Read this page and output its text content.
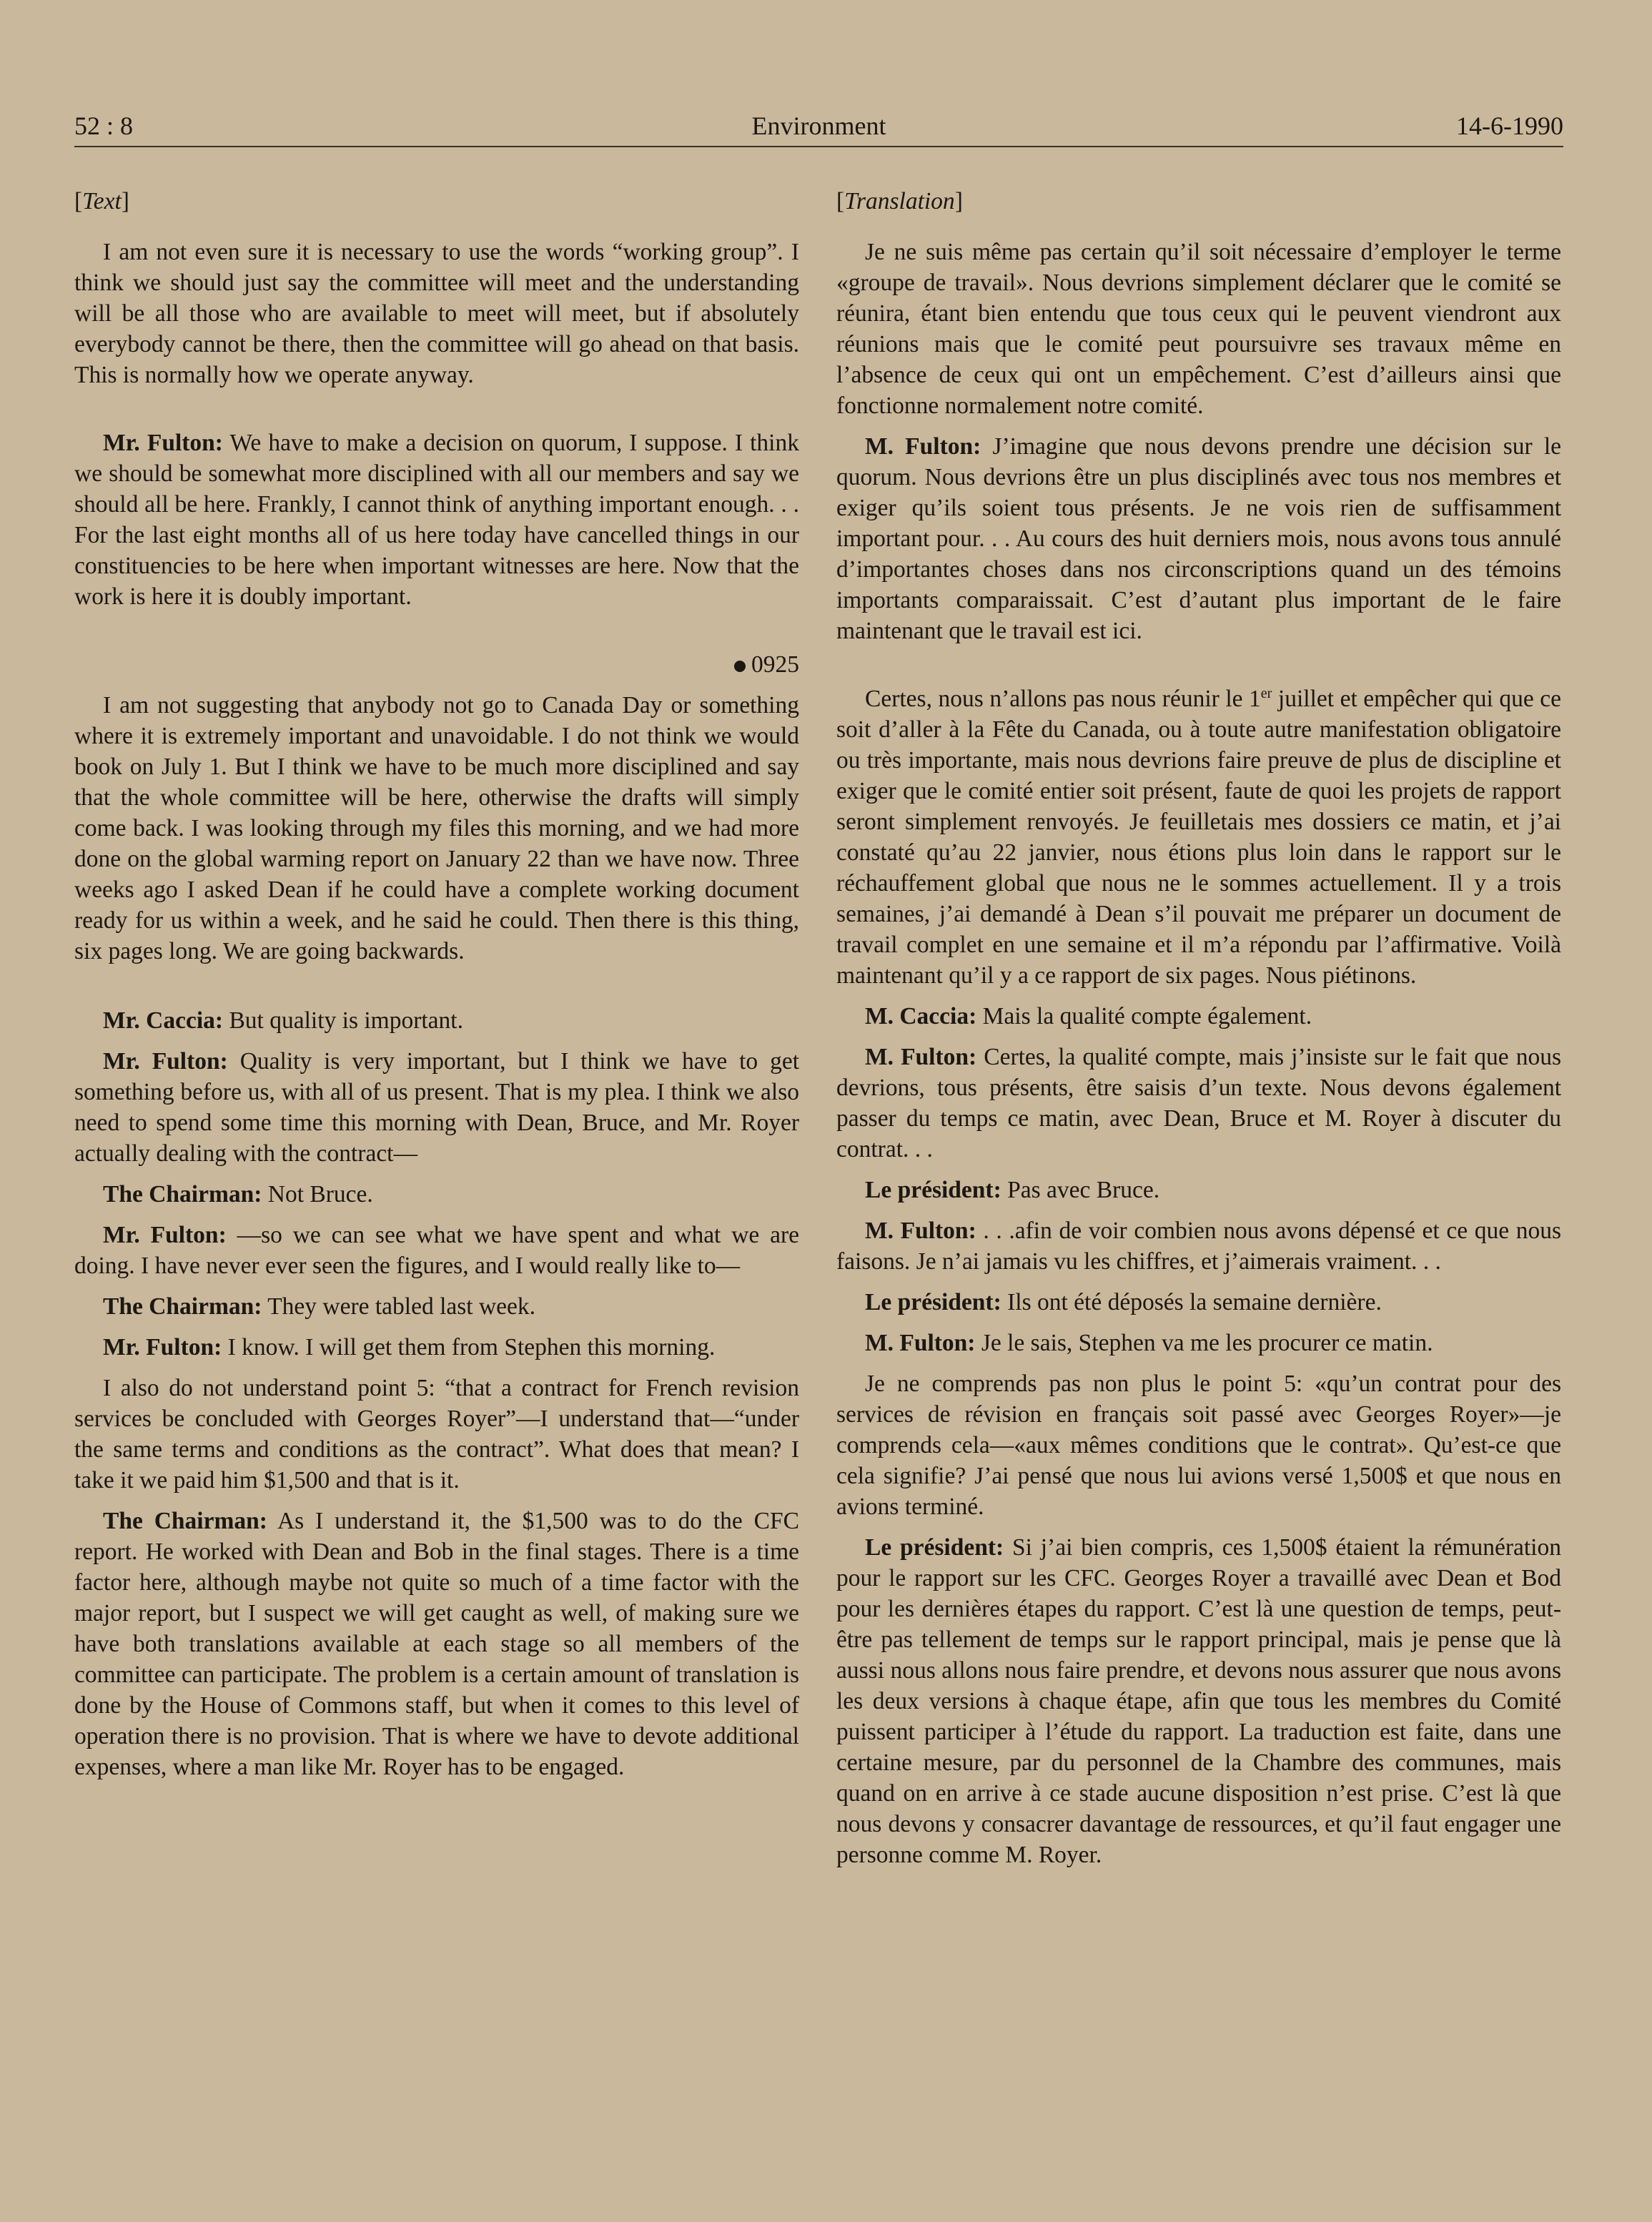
52 : 8	Environment	14-6-1990

[Text]

I am not even sure it is necessary to use the words “working group”. I think we should just say the committee will meet and the understanding will be all those who are available to meet will meet, but if absolutely everybody cannot be there, then the committee will go ahead on that basis. This is normally how we operate anyway.

Mr. Fulton: We have to make a decision on quorum, I suppose. I think we should be somewhat more disciplined with all our members and say we should all be here. Frankly, I cannot think of anything important enough. . . For the last eight months all of us here today have cancelled things in our constituencies to be here when important witnesses are here. Now that the work is here it is doubly important.

0925

I am not suggesting that anybody not go to Canada Day or something where it is extremely important and unavoidable. I do not think we would book on July 1. But I think we have to be much more disciplined and say that the whole committee will be here, otherwise the drafts will simply come back. I was looking through my files this morning, and we had more done on the global warming report on January 22 than we have now. Three weeks ago I asked Dean if he could have a complete working document ready for us within a week, and he said he could. Then there is this thing, six pages long. We are going backwards.

Mr. Caccia: But quality is important.

Mr. Fulton: Quality is very important, but I think we have to get something before us, with all of us present. That is my plea. I think we also need to spend some time this morning with Dean, Bruce, and Mr. Royer actually dealing with the contract—

The Chairman: Not Bruce.

Mr. Fulton: —so we can see what we have spent and what we are doing. I have never ever seen the figures, and I would really like to—

The Chairman: They were tabled last week.

Mr. Fulton: I know. I will get them from Stephen this morning.

I also do not understand point 5: “that a contract for French revision services be concluded with Georges Royer”—I understand that—“under the same terms and conditions as the contract”. What does that mean? I take it we paid him $1,500 and that is it.

The Chairman: As I understand it, the $1,500 was to do the CFC report. He worked with Dean and Bob in the final stages. There is a time factor here, although maybe not quite so much of a time factor with the major report, but I suspect we will get caught as well, of making sure we have both translations available at each stage so all members of the committee can participate. The problem is a certain amount of translation is done by the House of Commons staff, but when it comes to this level of operation there is no provision. That is where we have to devote additional expenses, where a man like Mr. Royer has to be engaged.

[Translation]

Je ne suis même pas certain qu’il soit nécessaire d’employer le terme «groupe de travail». Nous devrions simplement déclarer que le comité se réunira, étant bien entendu que tous ceux qui le peuvent viendront aux réunions mais que le comité peut poursuivre ses travaux même en l’absence de ceux qui ont un empêchement. C’est d’ailleurs ainsi que fonctionne normalement notre comité.

M. Fulton: J’imagine que nous devons prendre une décision sur le quorum. Nous devrions être un plus disciplinés avec tous nos membres et exiger qu’ils soient tous présents. Je ne vois rien de suffisamment important pour. . . Au cours des huit derniers mois, nous avons tous annulé d’importantes choses dans nos circonscriptions quand un des témoins importants comparaissait. C’est d’autant plus important de le faire maintenant que le travail est ici.

Certes, nous n’allons pas nous réunir le 1er juillet et empêcher qui que ce soit d’aller à la Fête du Canada, ou à toute autre manifestation obligatoire ou très importante, mais nous devrions faire preuve de plus de discipline et exiger que le comité entier soit présent, faute de quoi les projets de rapport seront simplement renvoyés. Je feuilletais mes dossiers ce matin, et j’ai constaté qu’au 22 janvier, nous étions plus loin dans le rapport sur le réchauffement global que nous ne le sommes actuellement. Il y a trois semaines, j’ai demandé à Dean s’il pouvait me préparer un document de travail complet en une semaine et il m’a répondu par l’affirmative. Voilà maintenant qu’il y a ce rapport de six pages. Nous piétinons.

M. Caccia: Mais la qualité compte également.

M. Fulton: Certes, la qualité compte, mais j’insiste sur le fait que nous devrions, tous présents, être saisis d’un texte. Nous devons également passer du temps ce matin, avec Dean, Bruce et M. Royer à discuter du contrat. . .

Le président: Pas avec Bruce.

M. Fulton: . . .afin de voir combien nous avons dépensé et ce que nous faisons. Je n’ai jamais vu les chiffres, et j’aimerais vraiment. . .

Le président: Ils ont été déposés la semaine dernière.

M. Fulton: Je le sais, Stephen va me les procurer ce matin.

Je ne comprends pas non plus le point 5: «qu’un contrat pour des services de révision en français soit passé avec Georges Royer»—je comprends cela—«aux mêmes conditions que le contrat». Qu’est-ce que cela signifie? J’ai pensé que nous lui avions versé 1,500$ et que nous en avions terminé.

Le président: Si j’ai bien compris, ces 1,500$ étaient la rémunération pour le rapport sur les CFC. Georges Royer a travaillé avec Dean et Bod pour les dernières étapes du rapport. C’est là une question de temps, peut-être pas tellement de temps sur le rapport principal, mais je pense que là aussi nous allons nous faire prendre, et devons nous assurer que nous avons les deux versions à chaque étape, afin que tous les membres du Comité puissent participer à l’étude du rapport. La traduction est faite, dans une certaine mesure, par du personnel de la Chambre des communes, mais quand on en arrive à ce stade aucune disposition n’est prise. C’est là que nous devons y consacrer davantage de ressources, et qu’il faut engager une personne comme M. Royer.
